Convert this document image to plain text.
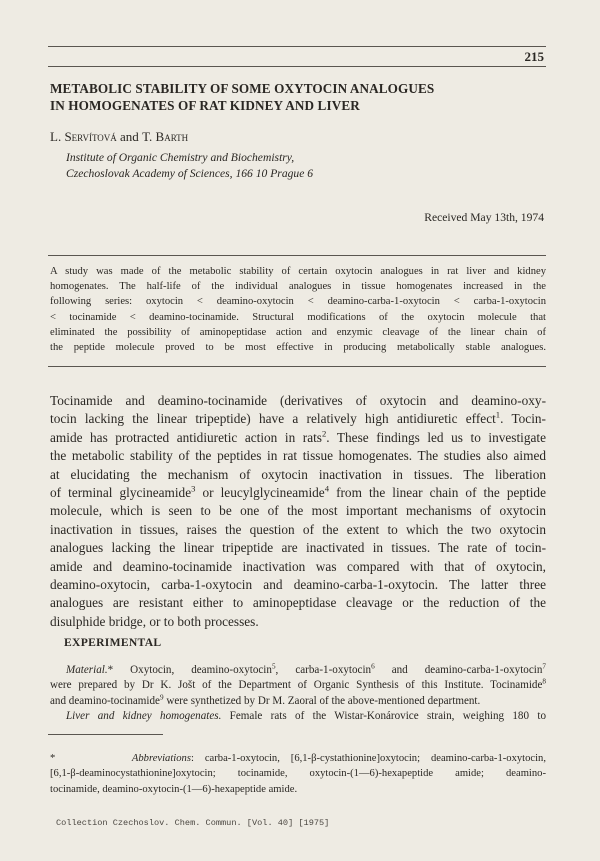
215
METABOLIC STABILITY OF SOME OXYTOCIN ANALOGUES
IN HOMOGENATES OF RAT KIDNEY AND LIVER
L. Servítová and T. Barth
Institute of Organic Chemistry and Biochemistry,
Czechoslovak Academy of Sciences, 166 10 Prague 6
Received May 13th, 1974
A study was made of the metabolic stability of certain oxytocin analogues in rat liver and kidney
homogenates. The half-life of the individual analogues in tissue homogenates increased in the
following series: oxytocin < deamino-oxytocin < deamino-carba-1-oxytocin < carba-1-oxytocin
< tocinamide < deamino-tocinamide. Structural modifications of the oxytocin molecule that
eliminated the possibility of aminopeptidase action and enzymic cleavage of the linear chain of
the peptide molecule proved to be most effective in producing metabolically stable analogues.
Tocinamide and deamino-tocinamide (derivatives of oxytocin and deamino-oxy-
tocin lacking the linear tripeptide) have a relatively high antidiuretic effect$^1$. Tocin-
amide has protracted antidiuretic action in rats$^2$. These findings led us to investigate
the metabolic stability of the peptides in rat tissue homogenates. The studies also aimed
at elucidating the mechanism of oxytocin inactivation in tissues. The liberation
of terminal glycineamide$^3$ or leucylglycineamide$^4$ from the linear chain of the peptide
molecule, which is seen to be one of the most important mechanisms of oxytocin
inactivation in tissues, raises the question of the extent to which the two oxytocin
analogues lacking the linear tripeptide are inactivated in tissues. The rate of tocin-
amide and deamino-tocinamide inactivation was compared with that of oxytocin,
deamino-oxytocin, carba-1-oxytocin and deamino-carba-1-oxytocin. The latter three
analogues are resistant either to aminopeptidase cleavage or the reduction of the
disulphide bridge, or to both processes.
EXPERIMENTAL
Material.* Oxytocin, deamino-oxytocin$^5$, carba-1-oxytocin$^6$ and deamino-carba-1-oxytocin$^7$
were prepared by Dr K. Jošt of the Department of Organic Synthesis of this Institute. Tocinamide$^8$
and deamino-tocinamide$^9$ were synthetized by Dr M. Zaoral of the above-mentioned department.
Liver and kidney homogenates. Female rats of the Wistar-Konárovice strain, weighing 180 to
*	Abbreviations: carba-1-oxytocin, [6,1-β-cystathionine]oxytocin; deamino-carba-1-oxytocin,
[6,1-β-deaminocystathionine]oxytocin; tocinamide, oxytocin-(1—6)-hexapeptide amide; deamino-
tocinamide, deamino-oxytocin-(1—6)-hexapeptide amide.
Collection Czechoslov. Chem. Commun. [Vol. 40] [1975]
